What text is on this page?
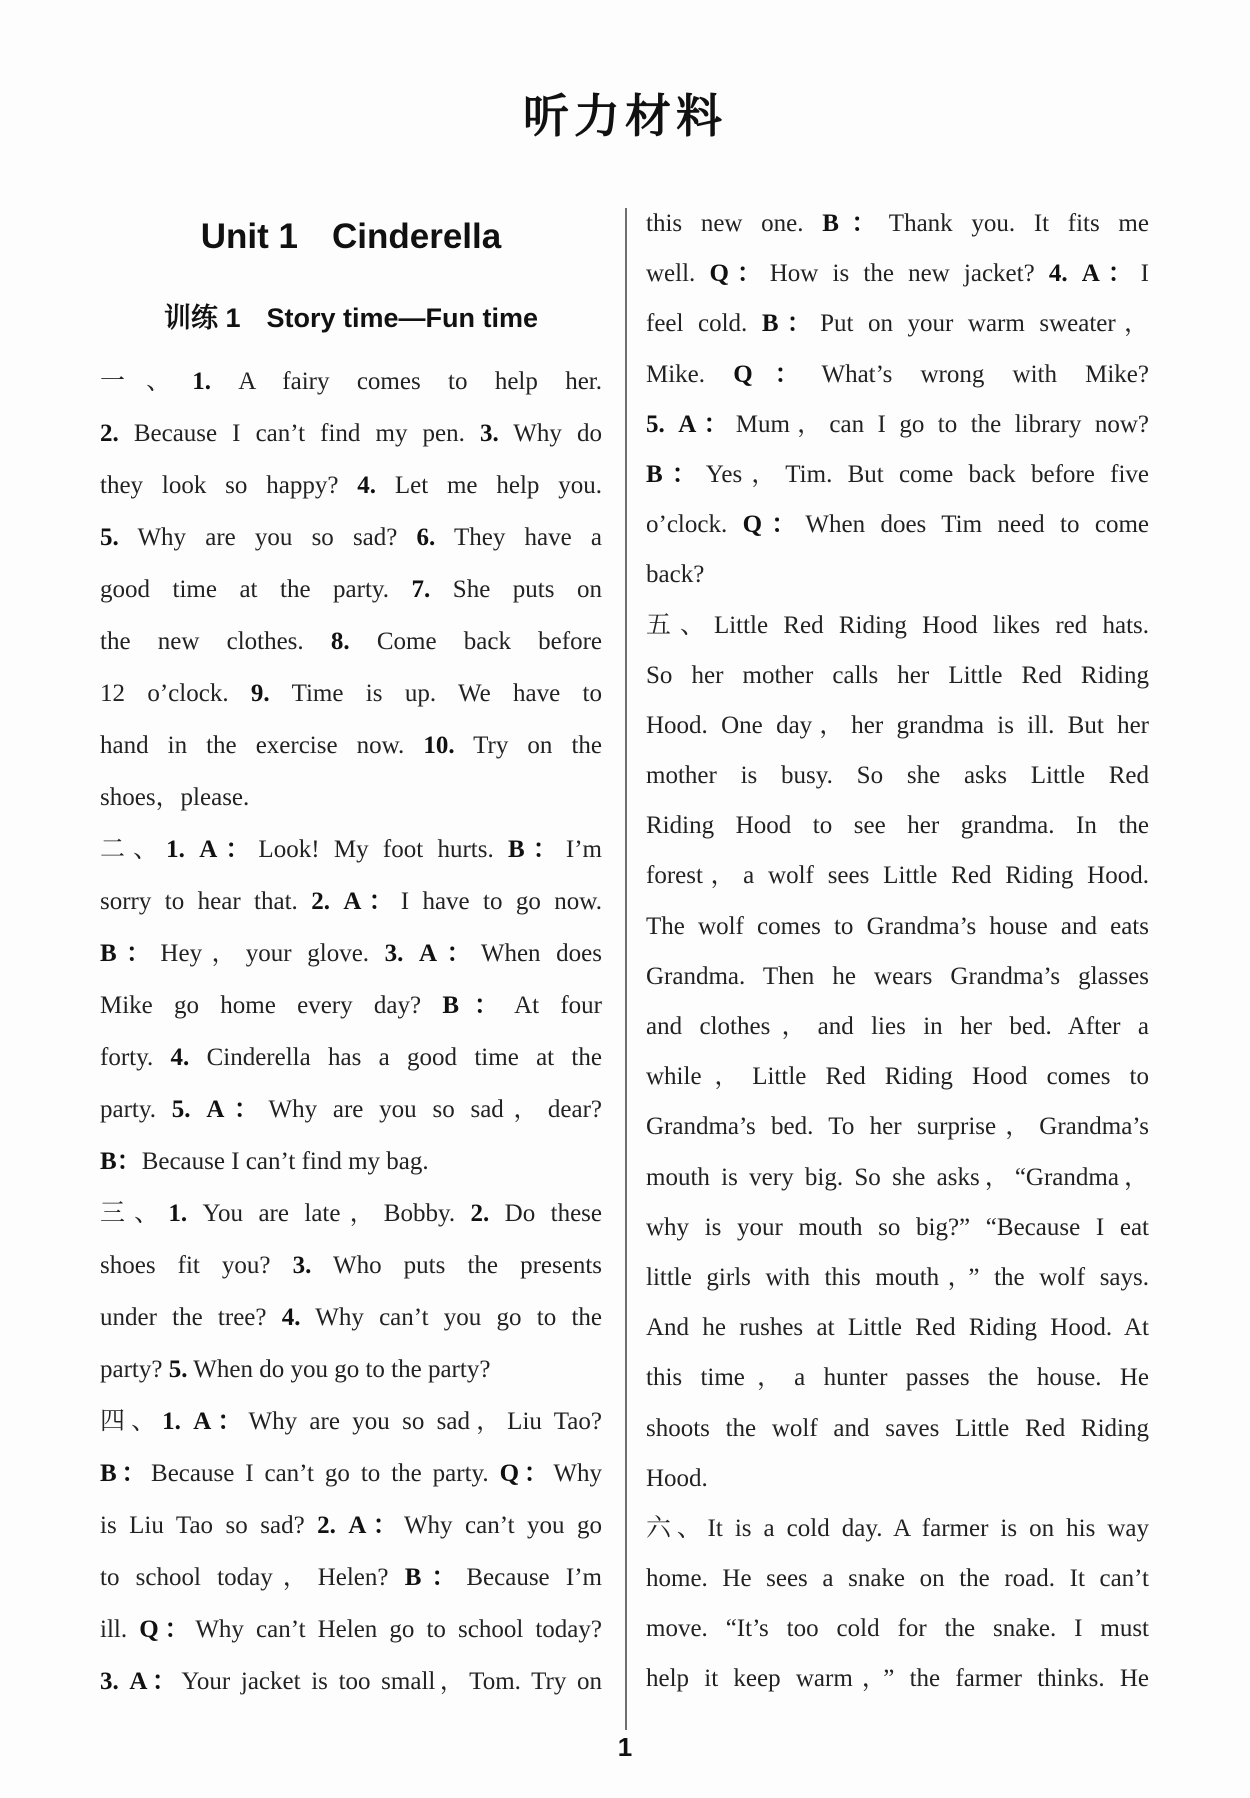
听力材料
Unit 1 Cinderella
训练 1 Story time—Fun time
一、1. A fairy comes to help her.
2. Because I can’t find my pen. 3. Why do
they look so happy? 4. Let me help you.
5. Why are you so sad? 6. They have a
good time at the party. 7. She puts on
the new clothes. 8. Come back before
12 o’clock. 9. Time is up. We have to
hand in the exercise now. 10. Try on the
shoes，please.
二、1. A：Look! My foot hurts. B：I’m
sorry to hear that. 2. A：I have to go now.
B：Hey，your glove. 3. A：When does
Mike go home every day? B：At four
forty. 4. Cinderella has a good time at the
party. 5. A：Why are you so sad，dear?
B：Because I can’t find my bag.
三、1. You are late，Bobby. 2. Do these
shoes fit you? 3. Who puts the presents
under the tree? 4. Why can’t you go to the
party? 5. When do you go to the party?
四、1. A：Why are you so sad，Liu Tao?
B：Because I can’t go to the party. Q：Why
is Liu Tao so sad? 2. A：Why can’t you go
to school today，Helen? B：Because I’m
ill. Q：Why can’t Helen go to school today?
3. A：Your jacket is too small，Tom. Try on
this new one. B：Thank you. It fits me
well. Q：How is the new jacket? 4. A：I
feel cold. B：Put on your warm sweater，
Mike. Q：What’s wrong with Mike?
5. A：Mum，can I go to the library now?
B：Yes，Tim. But come back before five
o’clock. Q：When does Tim need to come
back?
五、Little Red Riding Hood likes red hats.
So her mother calls her Little Red Riding
Hood. One day，her grandma is ill. But her
mother is busy. So she asks Little Red
Riding Hood to see her grandma. In the
forest，a wolf sees Little Red Riding Hood.
The wolf comes to Grandma’s house and eats
Grandma. Then he wears Grandma’s glasses
and clothes，and lies in her bed. After a
while，Little Red Riding Hood comes to
Grandma’s bed. To her surprise，Grandma’s
mouth is very big. So she asks，“Grandma，
why is your mouth so big?” “Because I eat
little girls with this mouth，” the wolf says.
And he rushes at Little Red Riding Hood. At
this time，a hunter passes the house. He
shoots the wolf and saves Little Red Riding
Hood.
六、It is a cold day. A farmer is on his way
home. He sees a snake on the road. It can’t
move. “It’s too cold for the snake. I must
help it keep warm，” the farmer thinks. He
1
